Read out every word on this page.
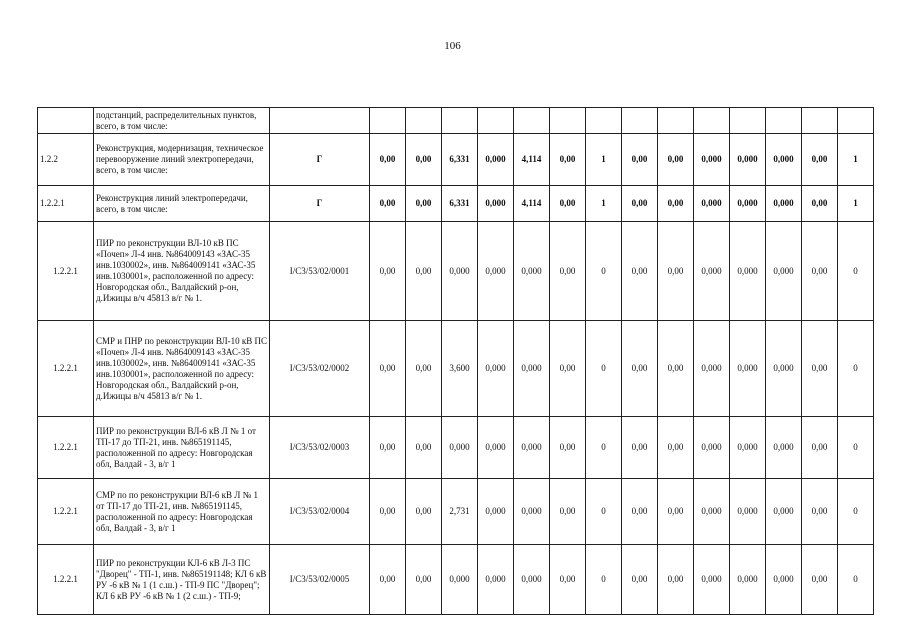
106
	подстанций, распределительных пунктов, всего, в том числе:															
1.2.2	Реконструкция, модернизация, техническое перевооружение линий электропередачи, всего, в том числе:	Г	0,00	0,00	6,331	0,000	4,114	0,00	1	0,00	0,00	0,000	0,000	0,000	0,00	1
1.2.2.1	Реконструкция линий электропередачи, всего, в том числе:	Г	0,00	0,00	6,331	0,000	4,114	0,00	1	0,00	0,00	0,000	0,000	0,000	0,00	1
1.2.2.1	ПИР по реконструкции ВЛ-10 кВ ПС «Почеп» Л-4 инв. №864009143 «ЗАС-35 инв.1030002», инв. №864009141 «ЗАС-35 инв.1030001», расположенной по адресу: Новгородская обл., Валдайский р-он, д.Ижицы в/ч 45813 в/г № 1.	I/C3/53/02/0001	0,00	0,00	0,000	0,000	0,000	0,00	0	0,00	0,00	0,000	0,000	0,000	0,00	0
1.2.2.1	СМР и ПНР по реконструкции ВЛ-10 кВ ПС «Почеп» Л-4 инв. №864009143 «ЗАС-35 инв.1030002», инв. №864009141 «ЗАС-35 инв.1030001», расположенной по адресу: Новгородская обл., Валдайский р-он, д.Ижицы в/ч 45813 в/г № 1.	I/C3/53/02/0002	0,00	0,00	3,600	0,000	0,000	0,00	0	0,00	0,00	0,000	0,000	0,000	0,00	0
1.2.2.1	ПИР по реконструкции ВЛ-6 кВ Л № 1 от ТП-17 до ТП-21, инв. №865191145, расположенной по адресу: Новгородская обл, Валдай - 3, в/г 1	I/C3/53/02/0003	0,00	0,00	0,000	0,000	0,000	0,00	0	0,00	0,00	0,000	0,000	0,000	0,00	0
1.2.2.1	СМР по по реконструкции ВЛ-6 кВ Л № 1 от ТП-17 до ТП-21, инв. №865191145, расположенной по адресу: Новгородская обл, Валдай - 3, в/г 1	I/C3/53/02/0004	0,00	0,00	2,731	0,000	0,000	0,00	0	0,00	0,00	0,000	0,000	0,000	0,00	0
1.2.2.1	ПИР по реконструкции КЛ-6 кВ Л-3 ПС "Дворец" - ТП-1, инв. №865191148; КЛ 6 кВ РУ -6 кВ № 1 (1 с.ш.) - ТП-9 ПС "Дворец"; КЛ 6 кВ РУ -6 кВ № 1 (2 с.ш.) - ТП-9;	I/C3/53/02/0005	0,00	0,00	0,000	0,000	0,000	0,00	0	0,00	0,00	0,000	0,000	0,000	0,00	0
